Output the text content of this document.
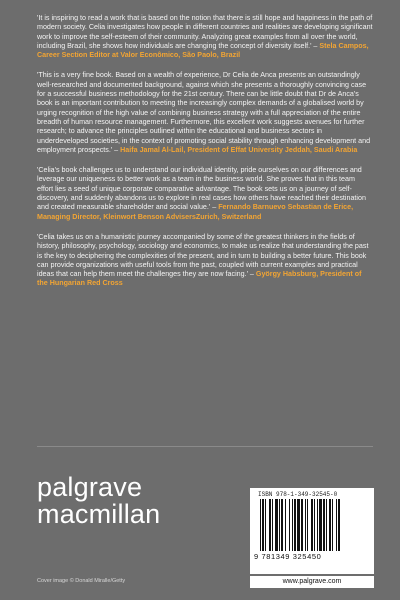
'It is inspiring to read a work that is based on the notion that there is still hope and happiness in the path of modern society. Celia investigates how people in different countries and realities are developing significant work to improve the self-esteem of their community. Analyzing great examples from all over the world, including Brazil, she shows how individuals are changing the concept of diversity itself.' – Stela Campos, Career Section Editor at Valor Econômico, São Paolo, Brazil

'This is a very fine book. Based on a wealth of experience, Dr Celia de Anca presents an outstandingly well-researched and documented background, against which she presents a thoroughly convincing case for a successful business methodology for the 21st century. There can be little doubt that Dr de Anca's book is an important contribution to meeting the increasingly complex demands of a globalised world by urging recognition of the high value of combining business strategy with a full appreciation of the entire breadth of human resource management. Furthermore, this excellent work suggests avenues for further research; to advance the principles outlined within the educational and business sectors in underdeveloped societies, in the context of promoting social stability through enhancing development and employment prospects.' – Haifa Jamal Al-Lail, President of Effat University Jeddah, Saudi Arabia

'Celia's book challenges us to understand our individual identity, pride ourselves on our differences and leverage our uniqueness to better work as a team in the business world. She proves that in this team effort lies a seed of unique corporate comparative advantage. The book sets us on a journey of self-discovery, and suddenly abandons us to explore in real cases how others have reached their destination and created measurable shareholder and social value.' – Fernando Barnuevo Sebastian de Erice, Managing Director, Kleinwort Benson AdvisersZurich, Switzerland

'Celia takes us on a humanistic journey accompanied by some of the greatest thinkers in the fields of history, philosophy, psychology, sociology and economics, to make us realize that understanding the past is the key to deciphering the complexities of the present, and in turn to building a better future. This book can provide organizations with useful tools from the past, coupled with current examples and practical ideas that can help them meet the challenges they are now facing.' – György Habsburg, President of the Hungarian Red Cross

palgrave
macmillan
Cover image © Donald Miralle/Getty
ISBN 978-1-349-32545-0
9 781349 325450
www.palgrave.com
